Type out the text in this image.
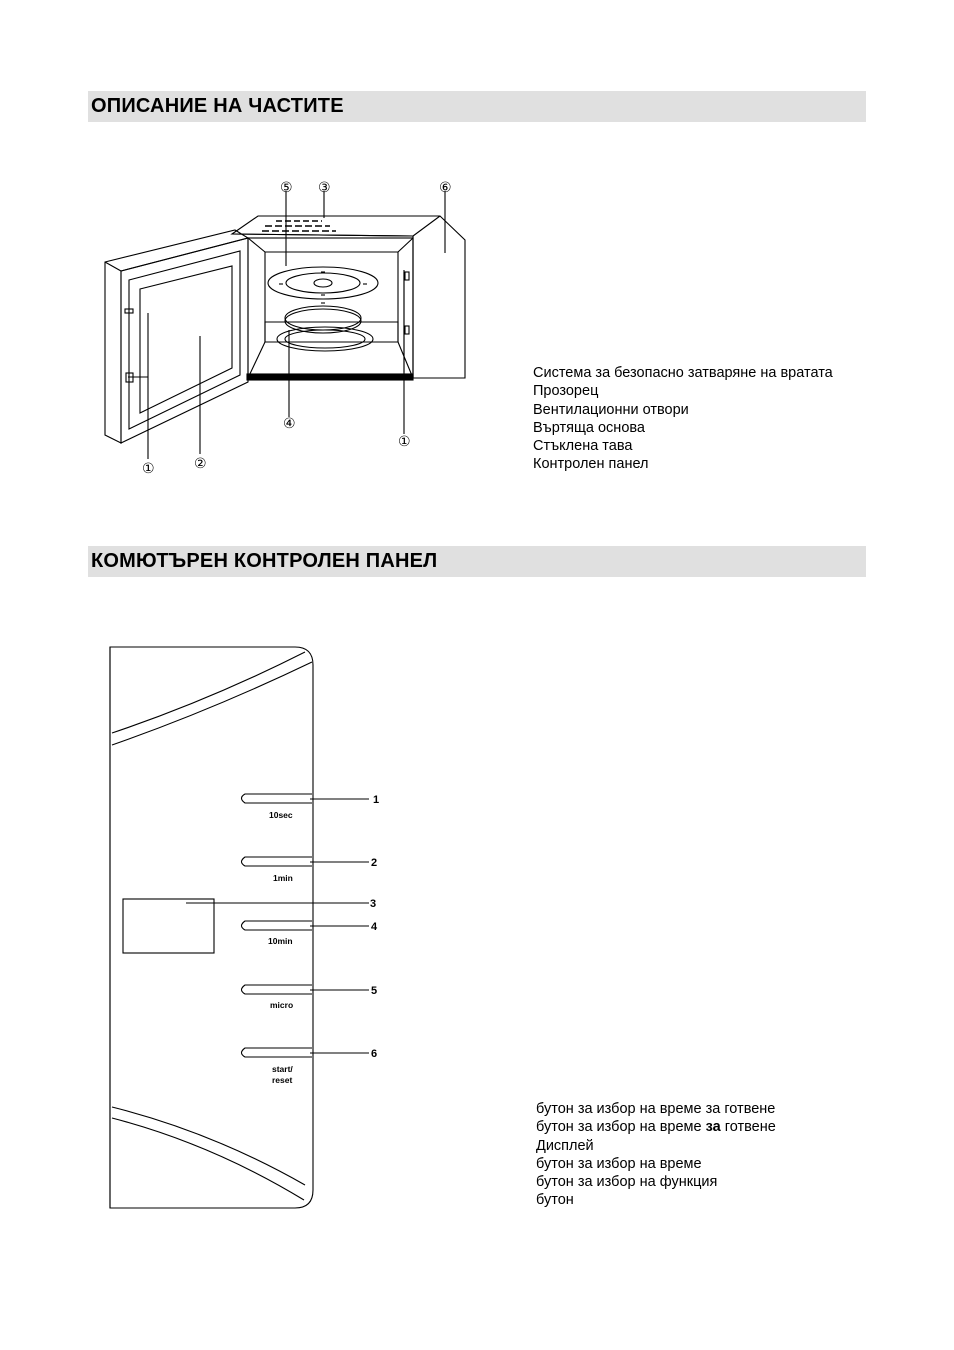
ОПИСАНИЕ НА ЧАСТИТЕ
⑤ ③	⑥
④
①
①	②
1
2
3
4
5
6
10sec
1min
10min
micro
start/
reset
Система за безопасно затваряне на вратата
Прозорец
Вентилационни отвори
Въртяща основа
Стъклена тава
Контролен панел
КОМЮТЪРЕН КОНТРОЛЕН ПАНЕЛ
бутон за избор на време за готвене
бутон за избор на време за готвене
Дисплей
бутон за избор на време
бутон за избор на функция
бутон
